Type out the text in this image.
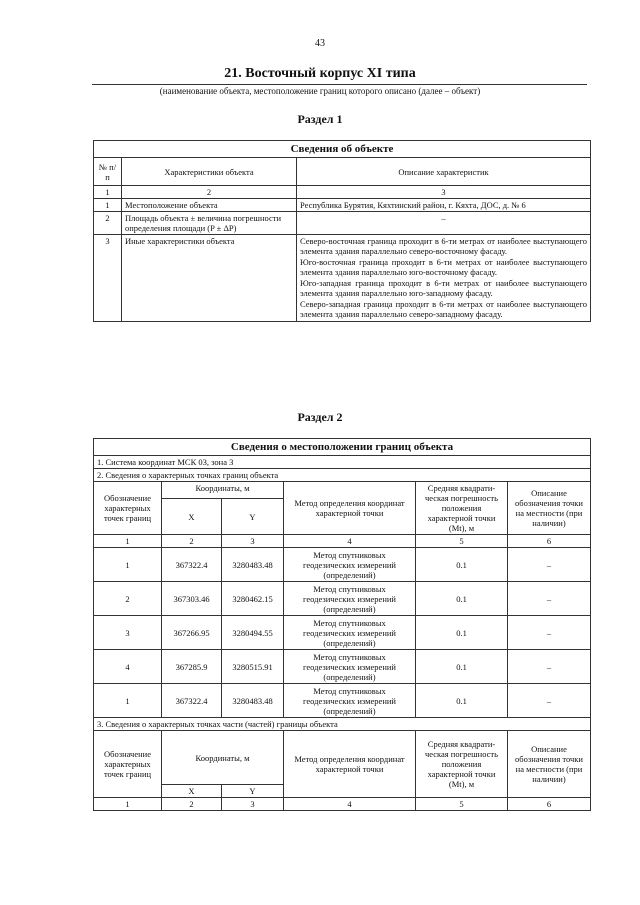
43
21. Восточный корпус XI типа
(наименование объекта, местоположение границ которого описано (далее – объект)
Раздел 1
Сведения об объекте		
№ п/п	Характеристики объекта	Описание характеристик
1	2	3
1	Местоположение объекта	Республика Бурятия, Кяхтинский район, г. Кяхта, ДОС, д. № 6
2	Площадь объекта ± величина погрешности определения площади (P ± ΔP)	–
3	Иные характеристики объекта	Северо-восточная граница проходит в 6-ти метрах от наиболее выступающего элемента здания параллельно северо-восточному фасаду.

Юго-восточная граница проходит в 6-ти метрах от наиболее выступающего элемента здания параллельно юго-восточному фасаду.

Юго-западная граница проходит в 6-ти метрах от наиболее выступающего элемента здания параллельно юго-западному фасаду.

Северо-западная граница проходит в 6-ти метрах от наиболее выступающего элемента здания параллельно северо-западному фасаду.

Раздел 2
Сведения о местоположении границ объекта					
1. Система координат МСК 03, зона 3					
2. Сведения о характерных точках границ объекта					
Обозначение характерных точек границ	Координаты, м		Метод определения координат характерной точки	Средняя квадрати-ческая погрешность положения характерной точки (Mt), м	Описание обозначения точки на местности (при наличии)
	X	Y			
1	2	3	4	5	6
1	367322.4	3280483.48	Метод спутниковых геодезических измерений (определений)	0.1	–
2	367303.46	3280462.15	Метод спутниковых геодезических измерений (определений)	0.1	–
3	367266.95	3280494.55	Метод спутниковых геодезических измерений (определений)	0.1	–
4	367285.9	3280515.91	Метод спутниковых геодезических измерений (определений)	0.1	–
1	367322.4	3280483.48	Метод спутниковых геодезических измерений (определений)	0.1	–
3. Сведения о характерных точках части (частей) границы объекта					
Обозначение характерных точек границ	Координаты, м		Метод определения координат характерной точки	Средняя квадрати-ческая погрешность положения характерной точки (Mt), м	Описание обозначения точки на местности (при наличии)
	X	Y			
1	2	3	4	5	6
